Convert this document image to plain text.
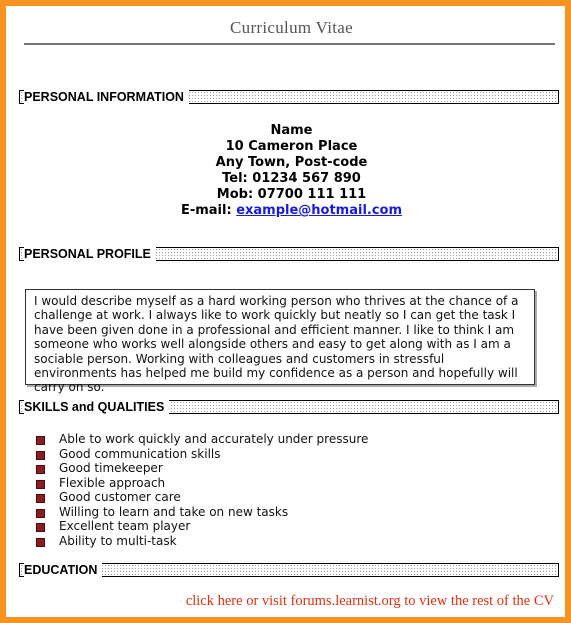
Curriculum Vitae
PERSONAL INFORMATION
Name
10 Cameron Place
Any Town, Post-code
Tel: 01234 567 890
Mob: 07700 111 111
E-mail: example@hotmail.com
PERSONAL PROFILE
I would describe myself as a hard working person who thrives at the chance of a challenge at work. I always like to work quickly but neatly so I can get the task I have been given done in a professional and efficient manner. I like to think I am someone who works well alongside others and easy to get along with as I am a sociable person. Working with colleagues and customers in stressful environments has helped me build my confidence as a person and hopefully will carry on so.
SKILLS and QUALITIES
Able to work quickly and accurately under pressure
Good communication skills
Good timekeeper
Flexible approach
Good customer care
Willing to learn and take on new tasks
Excellent team player
Ability to multi-task
EDUCATION
click here or visit forums.learnist.org to view the rest of the CV
